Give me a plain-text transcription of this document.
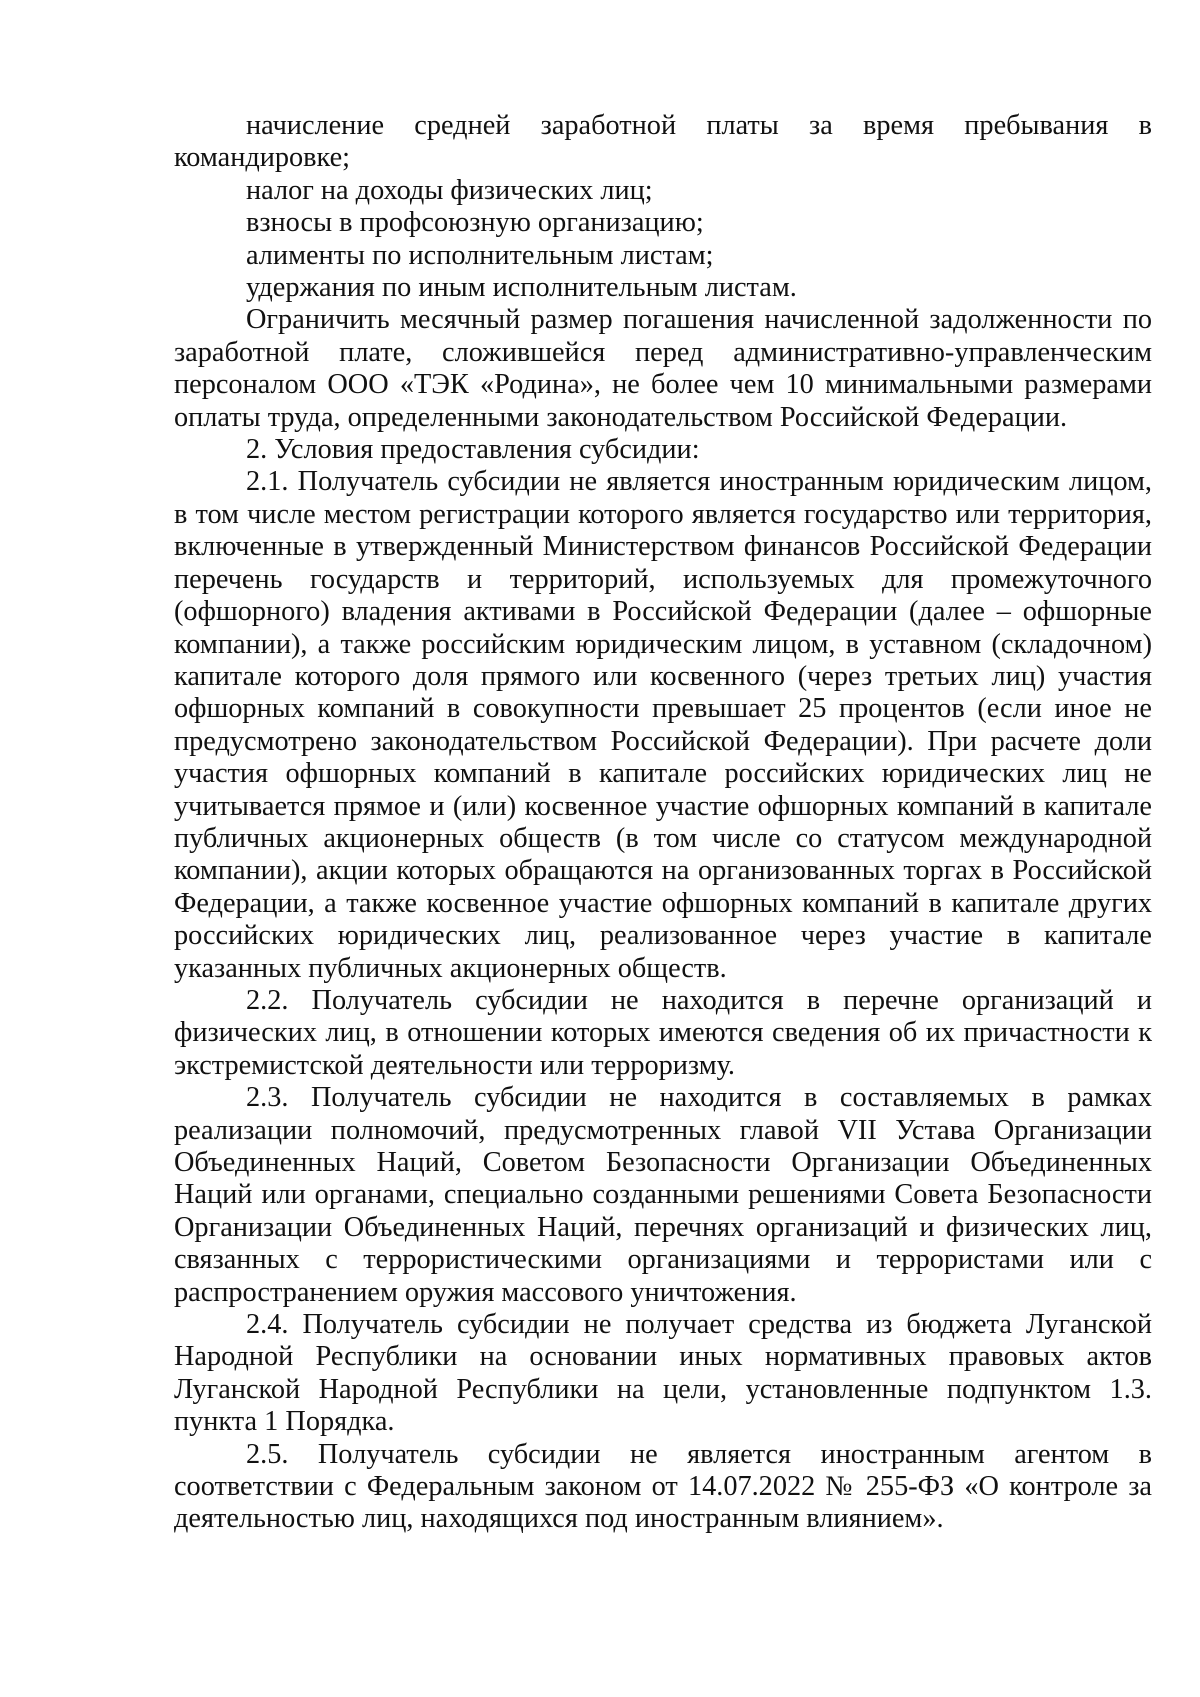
начисление средней заработной платы за время пребывания в командировке;

налог на доходы физических лиц;

взносы в профсоюзную организацию;

алименты по исполнительным листам;

удержания по иным исполнительным листам.

Ограничить месячный размер погашения начисленной задолженности по заработной плате, сложившейся перед административно-управленческим персоналом ООО «ТЭК «Родина», не более чем 10 минимальными размерами оплаты труда, определенными законодательством Российской Федерации.

2. Условия предоставления субсидии:

2.1. Получатель субсидии не является иностранным юридическим лицом, в том числе местом регистрации которого является государство или территория, включенные в утвержденный Министерством финансов Российской Федерации перечень государств и территорий, используемых для промежуточного (офшорного) владения активами в Российской Федерации (далее – офшорные компании), а также российским юридическим лицом, в уставном (складочном) капитале которого доля прямого или косвенного (через третьих лиц) участия офшорных компаний в совокупности превышает 25 процентов (если иное не предусмотрено законодательством Российской Федерации). При расчете доли участия офшорных компаний в капитале российских юридических лиц не учитывается прямое и (или) косвенное участие офшорных компаний в капитале публичных акционерных обществ (в том числе со статусом международной компании), акции которых обращаются на организованных торгах в Российской Федерации, а также косвенное участие офшорных компаний в капитале других российских юридических лиц, реализованное через участие в капитале указанных публичных акционерных обществ.

2.2. Получатель субсидии не находится в перечне организаций и физических лиц, в отношении которых имеются сведения об их причастности к экстремистской деятельности или терроризму.

2.3. Получатель субсидии не находится в составляемых в рамках реализации полномочий, предусмотренных главой VII Устава Организации Объединенных Наций, Советом Безопасности Организации Объединенных Наций или органами, специально созданными решениями Совета Безопасности Организации Объединенных Наций, перечнях организаций и физических лиц, связанных с террористическими организациями и террористами или с распространением оружия массового уничтожения.

2.4. Получатель субсидии не получает средства из бюджета Луганской Народной Республики на основании иных нормативных правовых актов Луганской Народной Республики на цели, установленные подпунктом 1.3. пункта 1 Порядка.

2.5. Получатель субсидии не является иностранным агентом в соответствии с Федеральным законом от 14.07.2022 № 255-ФЗ «О контроле за деятельностью лиц, находящихся под иностранным влиянием».
